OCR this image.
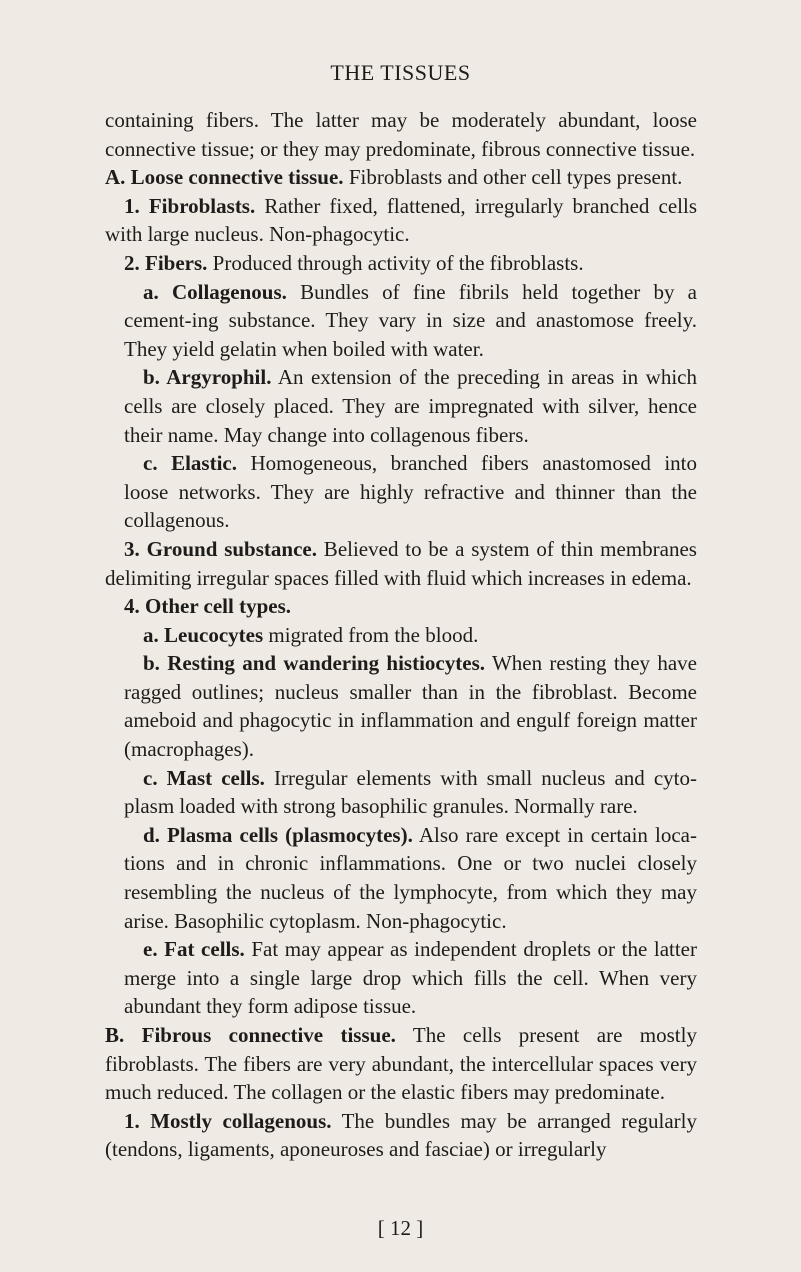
THE TISSUES

containing fibers. The latter may be moderately abundant, loose connective tissue; or they may predominate, fibrous connective tissue.

A. Loose connective tissue. Fibroblasts and other cell types present.

1. Fibroblasts. Rather fixed, flattened, irregularly branched cells with large nucleus. Non-phagocytic.

2. Fibers. Produced through activity of the fibroblasts.

a. Collagenous. Bundles of fine fibrils held together by a cement-ing substance. They vary in size and anastomose freely. They yield gelatin when boiled with water.

b. Argyrophil. An extension of the preceding in areas in which cells are closely placed. They are impregnated with silver, hence their name. May change into collagenous fibers.

c. Elastic. Homogeneous, branched fibers anastomosed into loose networks. They are highly refractive and thinner than the collagenous.

3. Ground substance. Believed to be a system of thin membranes delimiting irregular spaces filled with fluid which increases in edema.

4. Other cell types.

a. Leucocytes migrated from the blood.

b. Resting and wandering histiocytes. When resting they have ragged outlines; nucleus smaller than in the fibroblast. Become ameboid and phagocytic in inflammation and engulf foreign matter (macrophages).

c. Mast cells. Irregular elements with small nucleus and cyto-plasm loaded with strong basophilic granules. Normally rare.

d. Plasma cells (plasmocytes). Also rare except in certain loca-tions and in chronic inflammations. One or two nuclei closely resembling the nucleus of the lymphocyte, from which they may arise. Basophilic cytoplasm. Non-phagocytic.

e. Fat cells. Fat may appear as independent droplets or the latter merge into a single large drop which fills the cell. When very abundant they form adipose tissue.

B. Fibrous connective tissue. The cells present are mostly fibroblasts. The fibers are very abundant, the intercellular spaces very much reduced. The collagen or the elastic fibers may predominate.

1. Mostly collagenous. The bundles may be arranged regularly (tendons, ligaments, aponeuroses and fasciae) or irregularly

[ 12 ]
